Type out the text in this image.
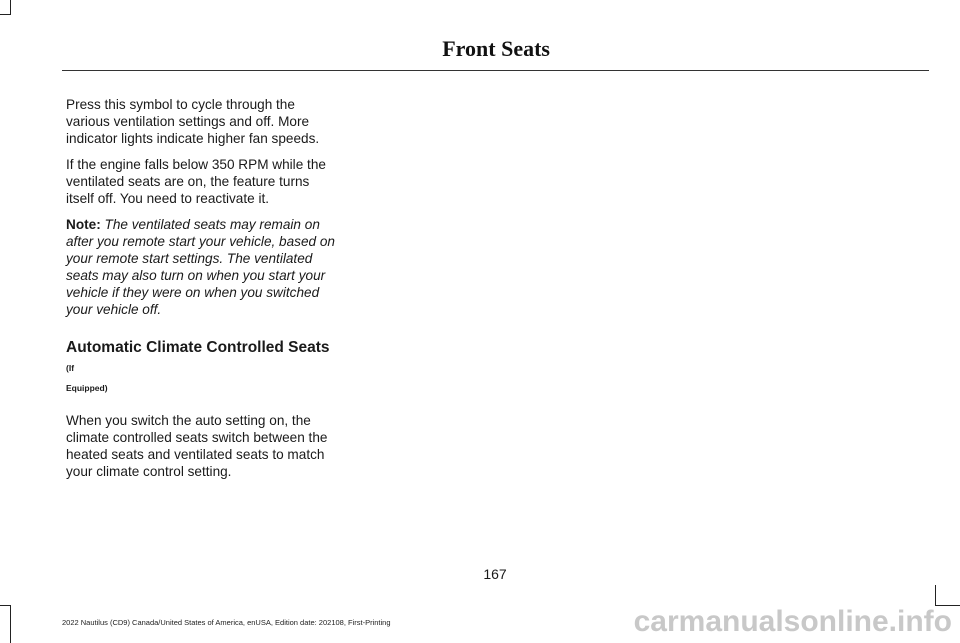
Front Seats

Press this symbol to cycle through the various ventilation settings and off. More indicator lights indicate higher fan speeds.

If the engine falls below 350 RPM while the ventilated seats are on, the feature turns itself off. You need to reactivate it.

Note: The ventilated seats may remain on after you remote start your vehicle, based on your remote start settings. The ventilated seats may also turn on when you start your vehicle if they were on when you switched your vehicle off.

Automatic Climate Controlled Seats (If
Equipped)

When you switch the auto setting on, the climate controlled seats switch between the heated seats and ventilated seats to match your climate control setting.

167
2022 Nautilus (CD9) Canada/United States of America, enUSA, Edition date: 202108, First-Printing	carmanualsonline.info
